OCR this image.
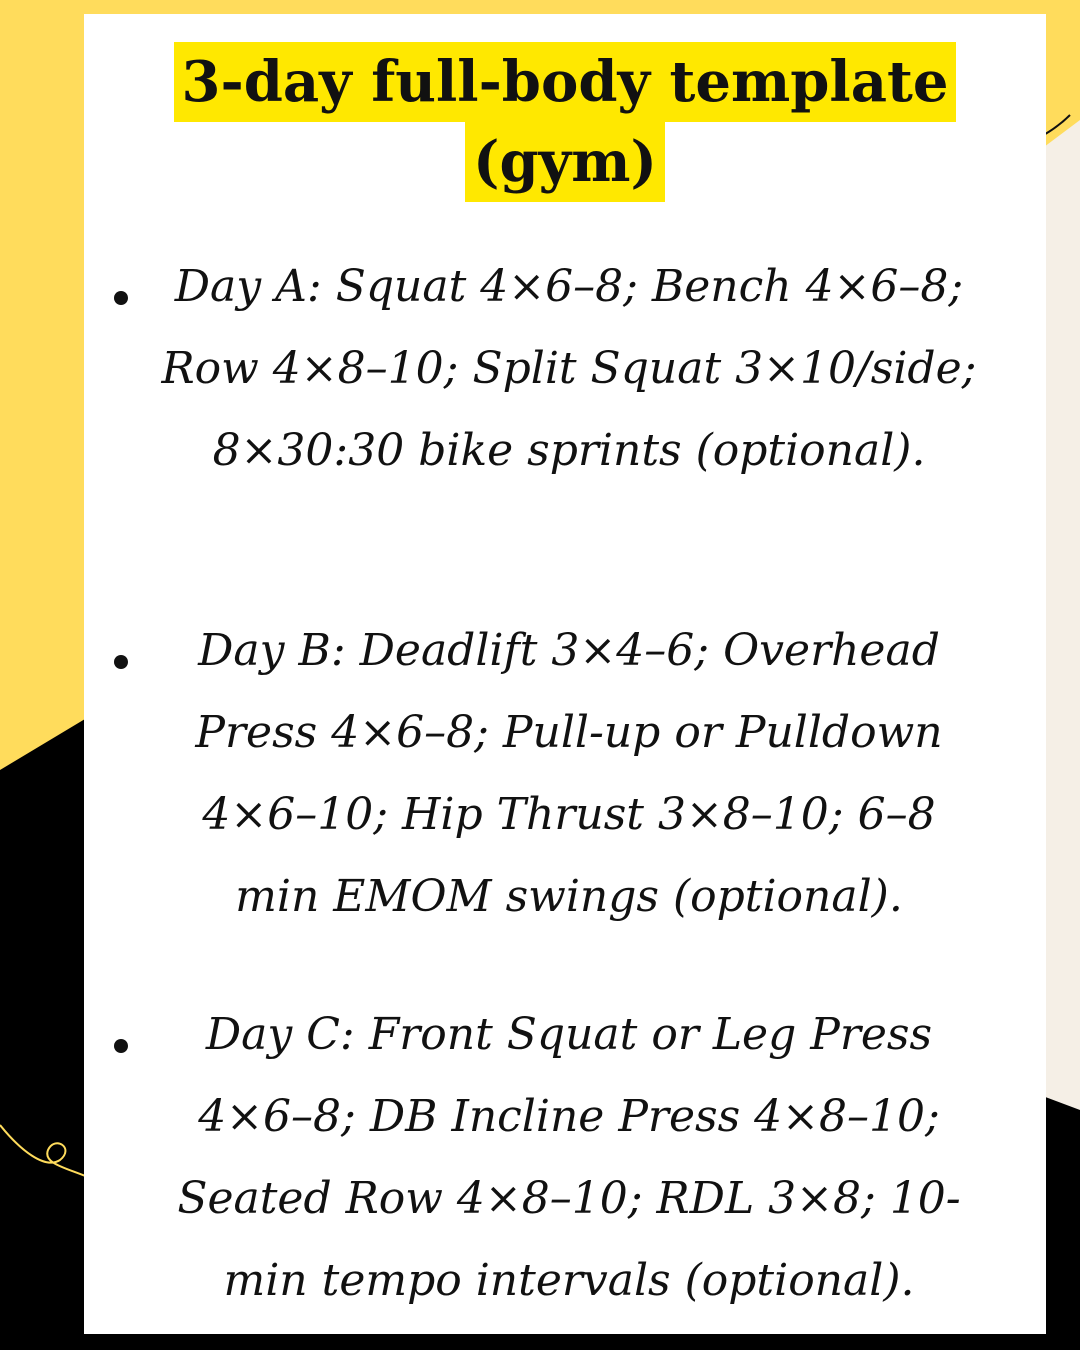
3-day full-body template
(gym)
Day A: Squat 4×6–8; Bench 4×6–8; Row 4×8–10; Split Squat 3×10/side; 8×30:30 bike sprints (optional).
Day B: Deadlift 3×4–6; Overhead Press 4×6–8; Pull-up or Pulldown 4×6–10; Hip Thrust 3×8–10; 6–8 min EMOM swings (optional).
Day C: Front Squat or Leg Press 4×6–8; DB Incline Press 4×8–10; Seated Row 4×8–10; RDL 3×8; 10-min tempo intervals (optional).
